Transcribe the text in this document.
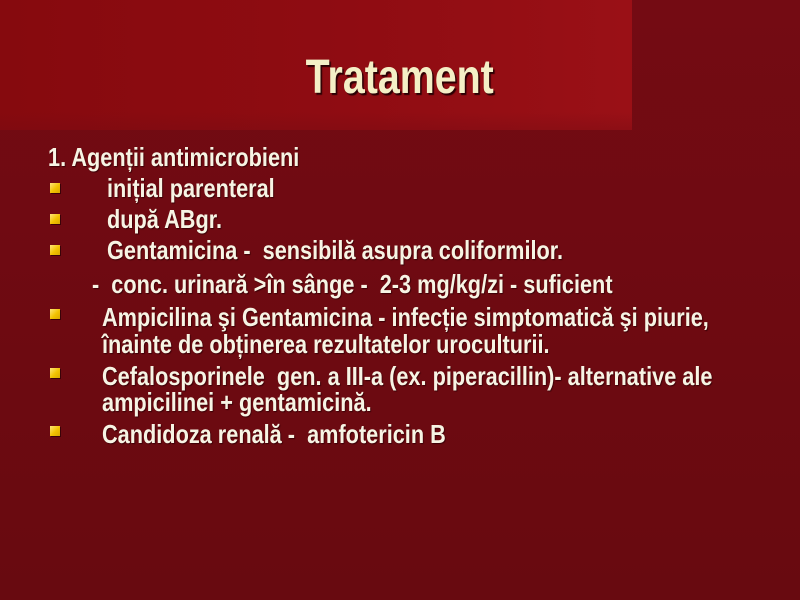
Tratament
1. Agenții antimicrobieni
inițial parenteral
după ABgr.
Gentamicina -  sensibilă asupra coliformilor.
-  conc. urinară >în sânge -  2-3 mg/kg/zi - suficient
Ampicilina şi Gentamicina - infecție simptomatică şi piurie,
înainte de obținerea rezultatelor uroculturii.
Cefalosporinele  gen. a III-a (ex. piperacillin)- alternative ale
ampicilinei + gentamicină.
Candidoza renală -  amfotericin B
